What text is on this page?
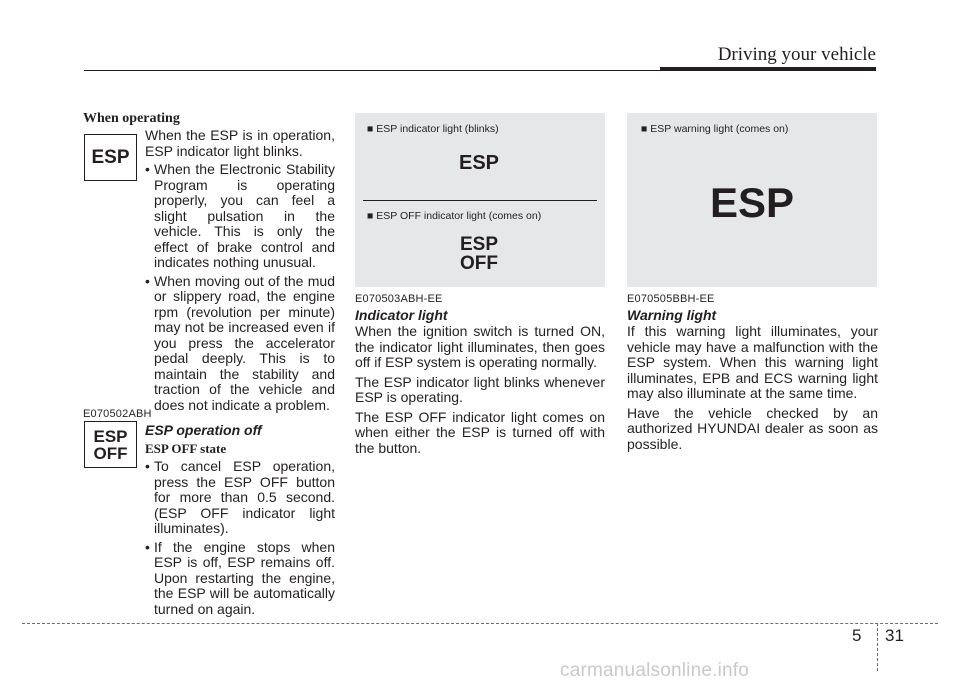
Driving your vehicle
When operating
ESP

When the ESP is in operation, ESP indicator light blinks.

• When the Electronic Stability Program is operating properly, you can feel a slight pulsation in the vehicle. This is only the effect of brake control and indicates nothing unusual.

• When moving out of the mud or slippery road, the engine rpm (revolution per minute) may not be increased even if you press the accelerator pedal deeply. This is to maintain the stability and traction of the vehicle and does not indicate a problem.

E070502ABH
ESP operation off
ESP
OFF ESP OFF state

• To cancel ESP operation, press the ESP OFF button for more than 0.5 second. (ESP OFF indicator light illuminates).

• If the engine stops when ESP is off, ESP remains off. Upon restarting the engine, the ESP will be automatically turned on again.

■ ESP indicator light (blinks)
ESP
■ ESP OFF indicator light (comes on)
ESP
OFF
E070503ABH-EE
Indicator light

When the ignition switch is turned ON, the indicator light illuminates, then goes off if ESP system is operating normally.

The ESP indicator light blinks whenever ESP is operating.

The ESP OFF indicator light comes on when either the ESP is turned off with the button.

■ ESP warning light (comes on)
ESP
E070505BBH-EE
Warning light

If this warning light illuminates, your vehicle may have a malfunction with the ESP system. When this warning light illuminates, EPB and ECS warning light may also illuminate at the same time.

Have the vehicle checked by an authorized HYUNDAI dealer as soon as possible.

5 31
carmanualsonline.info
